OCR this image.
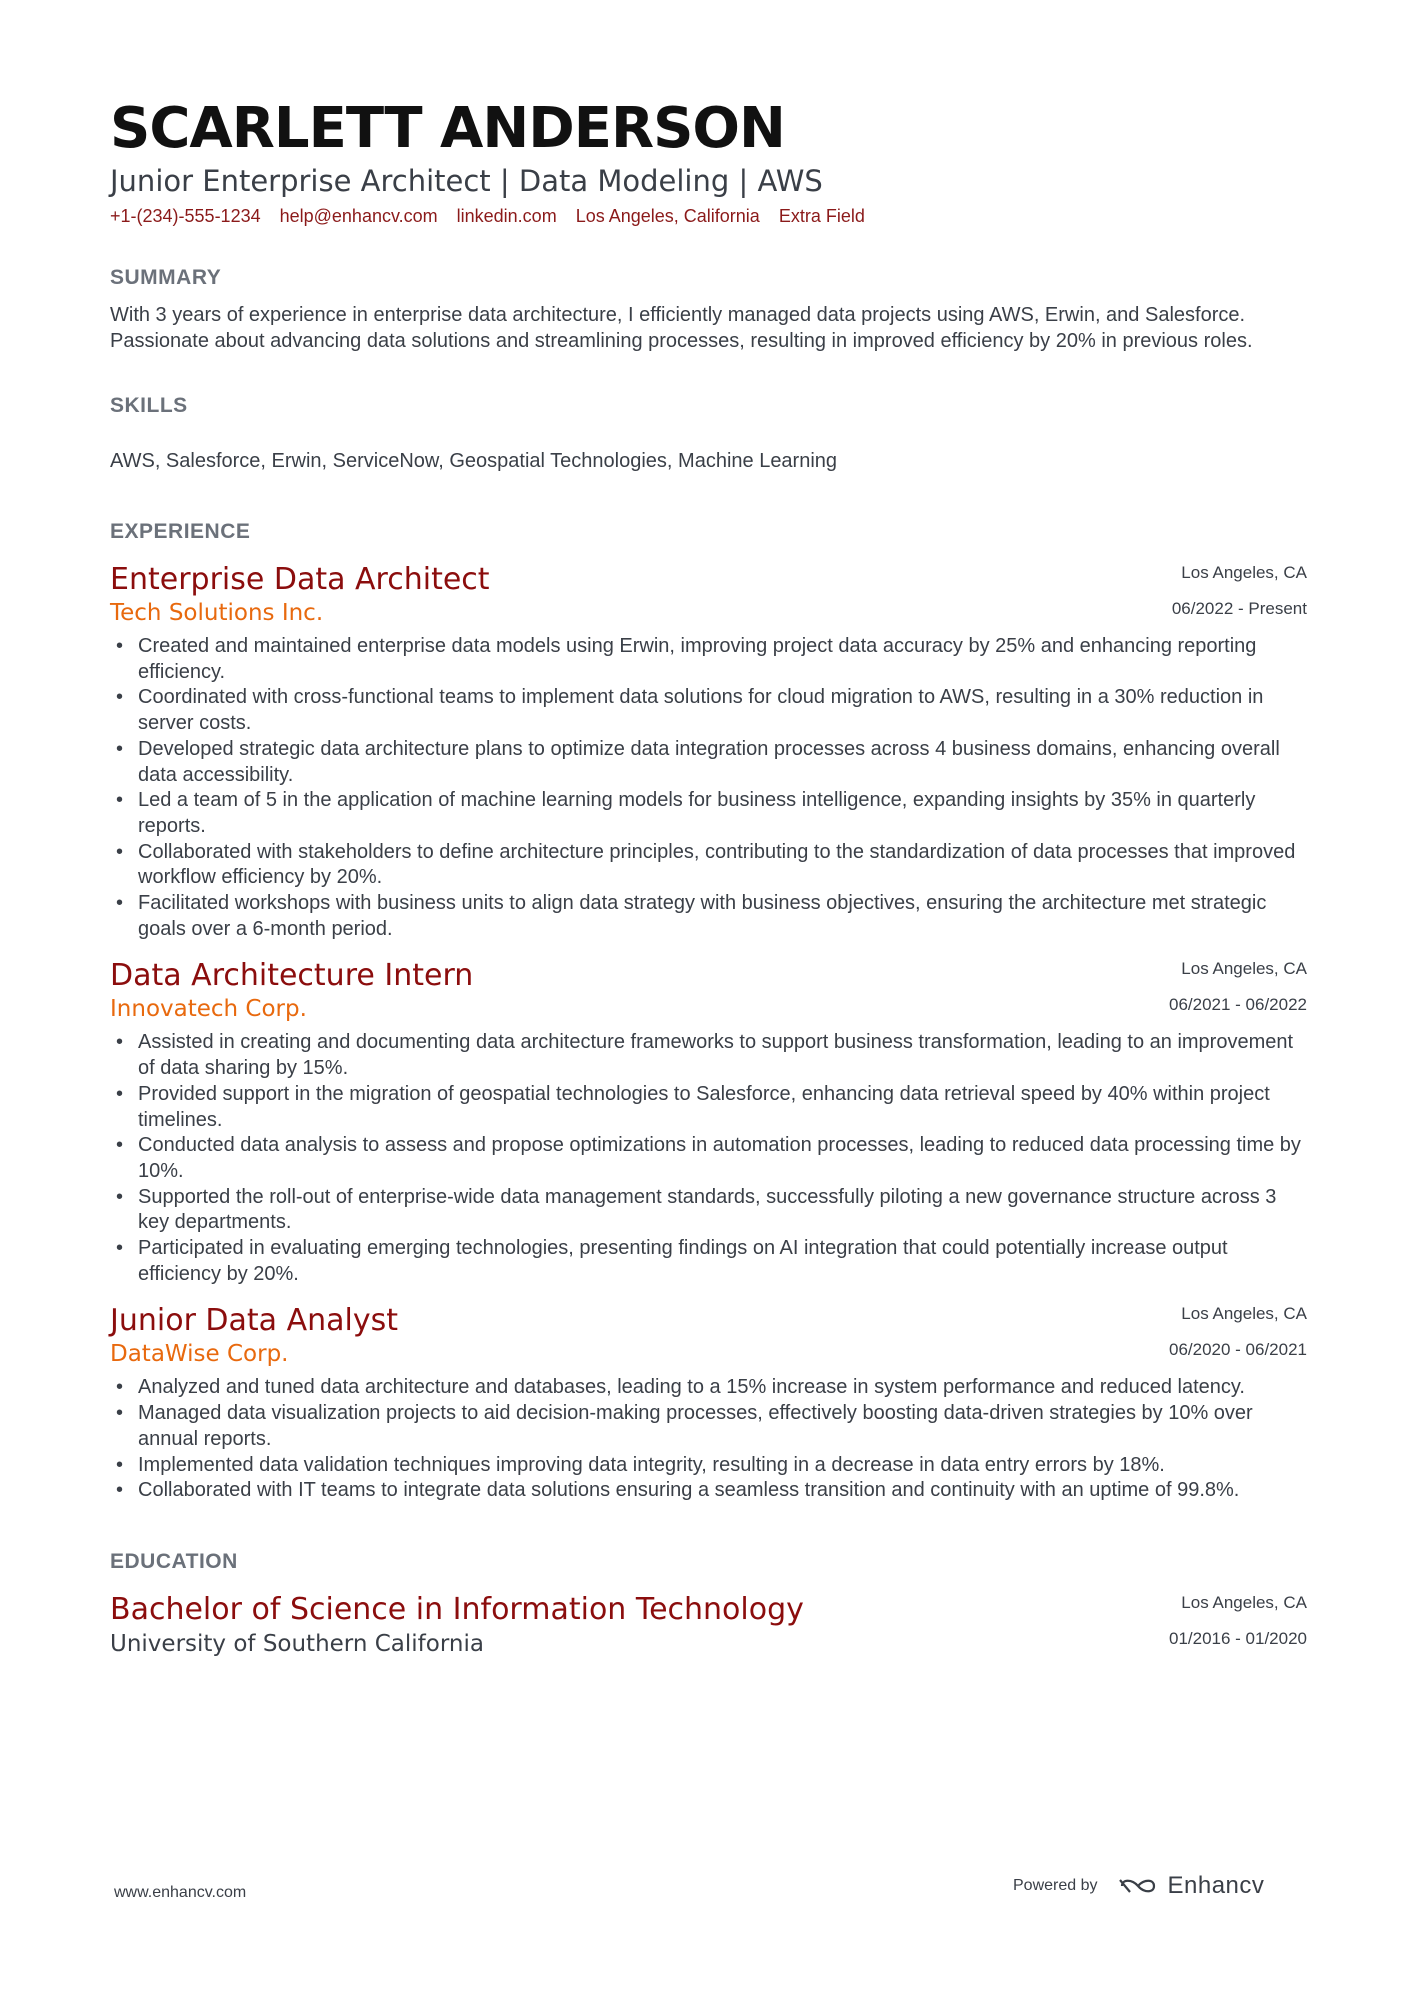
SCARLETT ANDERSON
Junior Enterprise Architect | Data Modeling | AWS
+1-(234)-555-1234 help@enhancv.com linkedin.com Los Angeles, California Extra Field
SUMMARY
With 3 years of experience in enterprise data architecture, I efficiently managed data projects using AWS, Erwin, and Salesforce. Passionate about advancing data solutions and streamlining processes, resulting in improved efficiency by 20% in previous roles.
SKILLS
AWS, Salesforce, Erwin, ServiceNow, Geospatial Technologies, Machine Learning
EXPERIENCE
Enterprise Data Architect
Tech Solutions Inc.
Los Angeles, CA
06/2022 - Present
• Created and maintained enterprise data models using Erwin, improving project data accuracy by 25% and enhancing reporting efficiency.
• Coordinated with cross-functional teams to implement data solutions for cloud migration to AWS, resulting in a 30% reduction in server costs.
• Developed strategic data architecture plans to optimize data integration processes across 4 business domains, enhancing overall data accessibility.
• Led a team of 5 in the application of machine learning models for business intelligence, expanding insights by 35% in quarterly reports.
• Collaborated with stakeholders to define architecture principles, contributing to the standardization of data processes that improved workflow efficiency by 20%.
• Facilitated workshops with business units to align data strategy with business objectives, ensuring the architecture met strategic goals over a 6-month period.
Data Architecture Intern
Innovatech Corp.
Los Angeles, CA
06/2021 - 06/2022
• Assisted in creating and documenting data architecture frameworks to support business transformation, leading to an improvement of data sharing by 15%.
• Provided support in the migration of geospatial technologies to Salesforce, enhancing data retrieval speed by 40% within project timelines.
• Conducted data analysis to assess and propose optimizations in automation processes, leading to reduced data processing time by 10%.
• Supported the roll-out of enterprise-wide data management standards, successfully piloting a new governance structure across 3 key departments.
• Participated in evaluating emerging technologies, presenting findings on AI integration that could potentially increase output efficiency by 20%.
Junior Data Analyst
DataWise Corp.
Los Angeles, CA
06/2020 - 06/2021
• Analyzed and tuned data architecture and databases, leading to a 15% increase in system performance and reduced latency.
• Managed data visualization projects to aid decision-making processes, effectively boosting data-driven strategies by 10% over annual reports.
• Implemented data validation techniques improving data integrity, resulting in a decrease in data entry errors by 18%.
• Collaborated with IT teams to integrate data solutions ensuring a seamless transition and continuity with an uptime of 99.8%.
EDUCATION
Bachelor of Science in Information Technology
University of Southern California
Los Angeles, CA
01/2016 - 01/2020
www.enhancv.com	Powered by	Enhancv
